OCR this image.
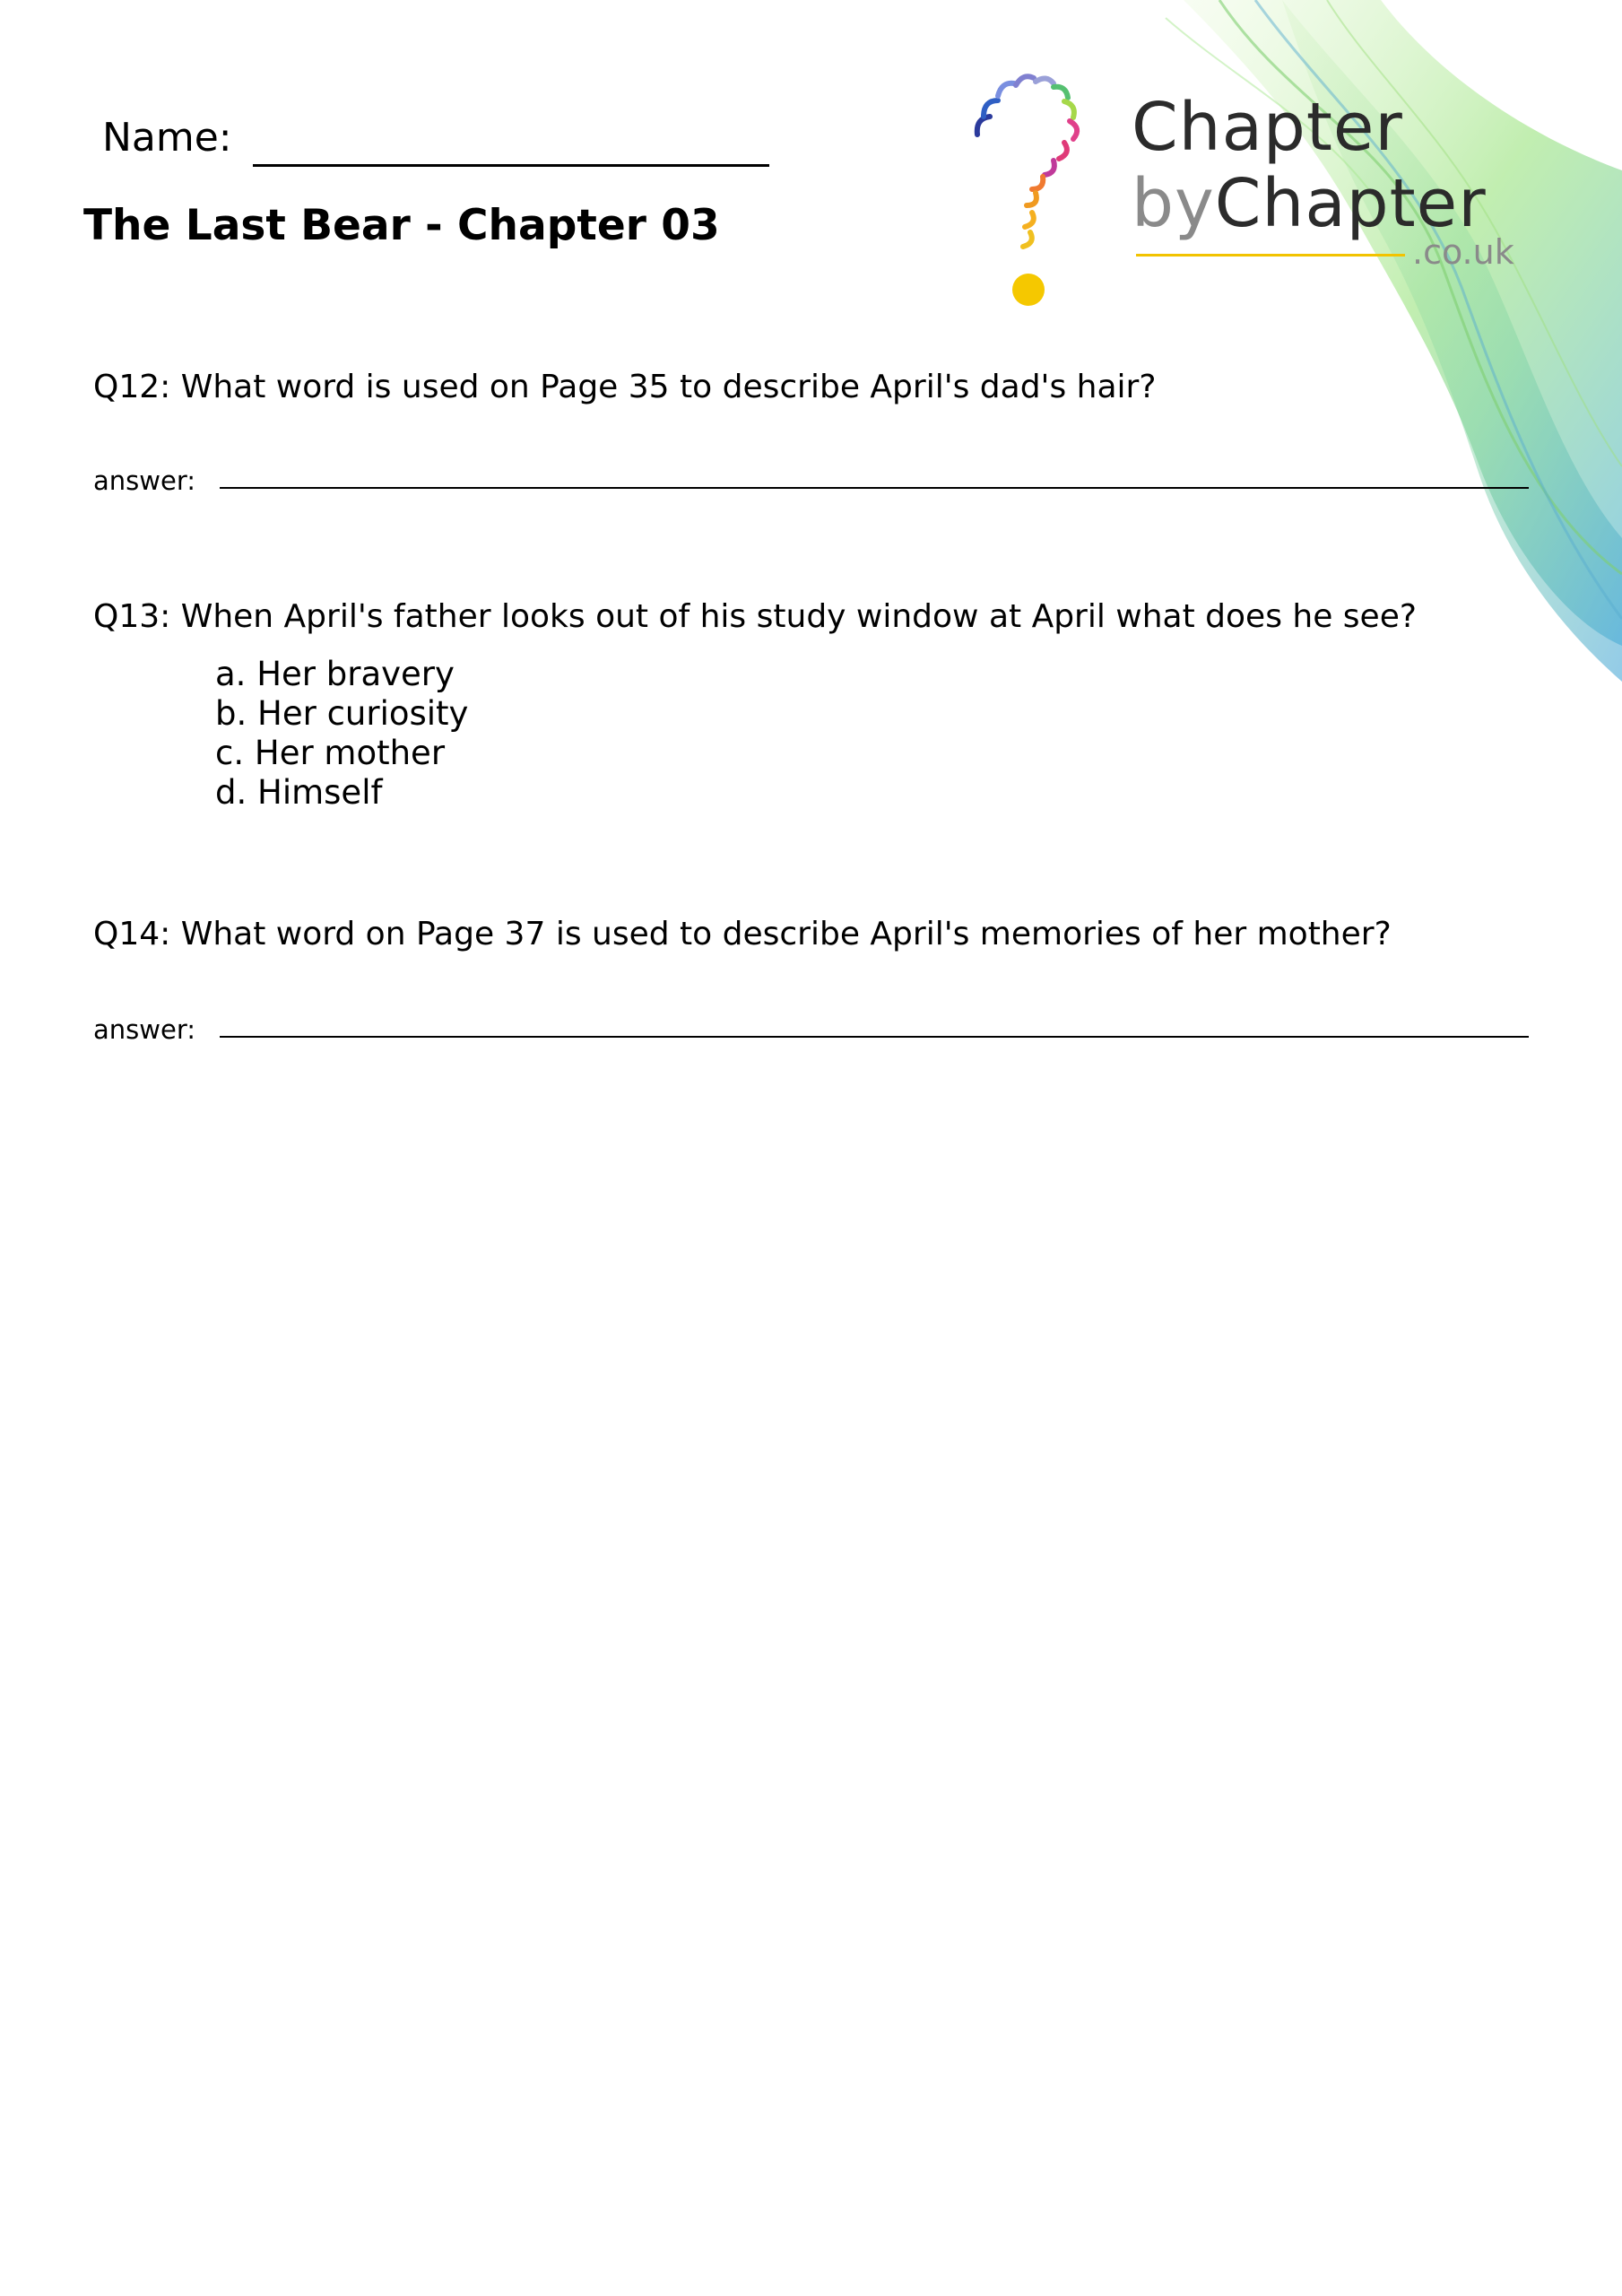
Chapter
byChapter
.co.uk
Name:
The Last Bear - Chapter 03
Q12: What word is used on Page 35 to describe April's dad's hair?
answer:
Q13: When April's father looks out of his study window at April what does he see?
a. Her bravery
b. Her curiosity
c. Her mother
d. Himself
Q14: What word on Page 37 is used to describe April's memories of her mother?
answer:
